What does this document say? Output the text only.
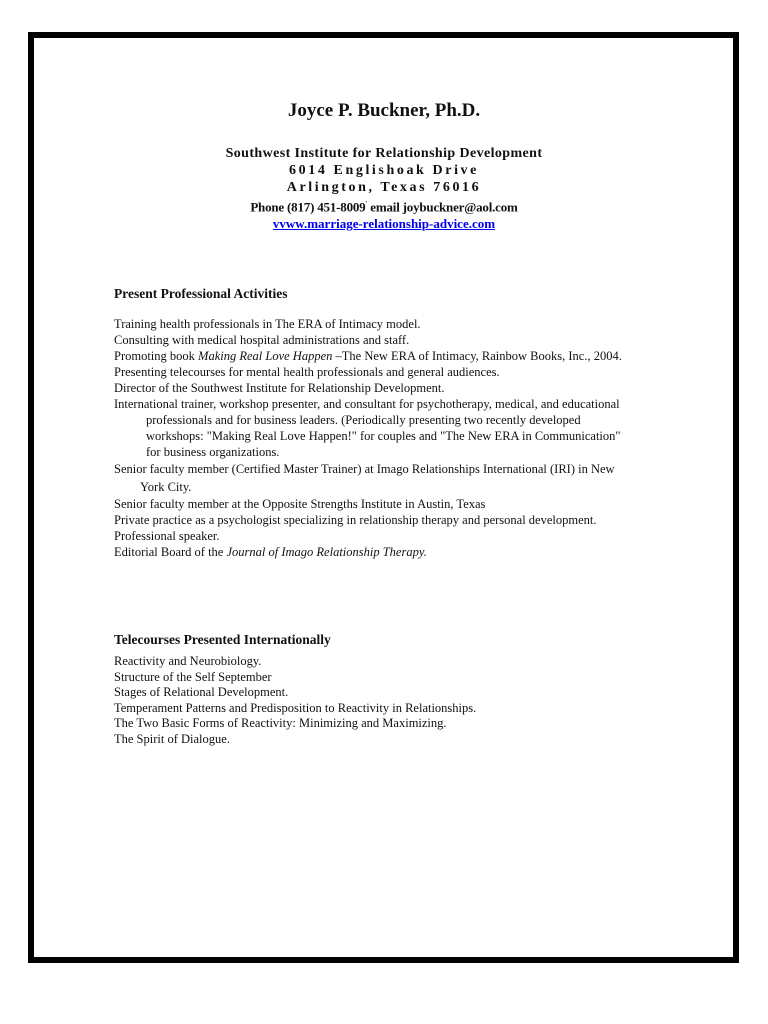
Joyce P. Buckner, Ph.D.
Southwest Institute for Relationship Development
6014 Englishoak Drive
Arlington, Texas 76016
Phone (817) 451-8009' email joybuckner@aol.com
vvww.marriage-relationship-advice.com
Present Professional Activities
Training health professionals in The ERA of Intimacy model.
Consulting with medical hospital administrations and staff.
Promoting book Making Real Love Happen –The New ERA of Intimacy, Rainbow Books, Inc., 2004.
Presenting telecourses for mental health professionals and general audiences.
Director of the Southwest Institute for Relationship Development.
International trainer, workshop presenter, and consultant for psychotherapy, medical, and educational professionals and for business leaders. (Periodically presenting two recently developed workshops: "Making Real Love Happen!" for couples and "The New ERA in Communication" for business organizations.
Senior faculty member (Certified Master Trainer) at Imago Relationships International (IRI) in New York City.
Senior faculty member at the Opposite Strengths Institute in Austin, Texas
Private practice as a psychologist specializing in relationship therapy and personal development.
Professional speaker.
Editorial Board of the Journal of Imago Relationship Therapy.
Telecourses Presented Internationally
Reactivity and Neurobiology.
Structure of the Self September
Stages of Relational Development.
Temperament Patterns and Predisposition to Reactivity in Relationships.
The Two Basic Forms of Reactivity: Minimizing and Maximizing.
The Spirit of Dialogue.
